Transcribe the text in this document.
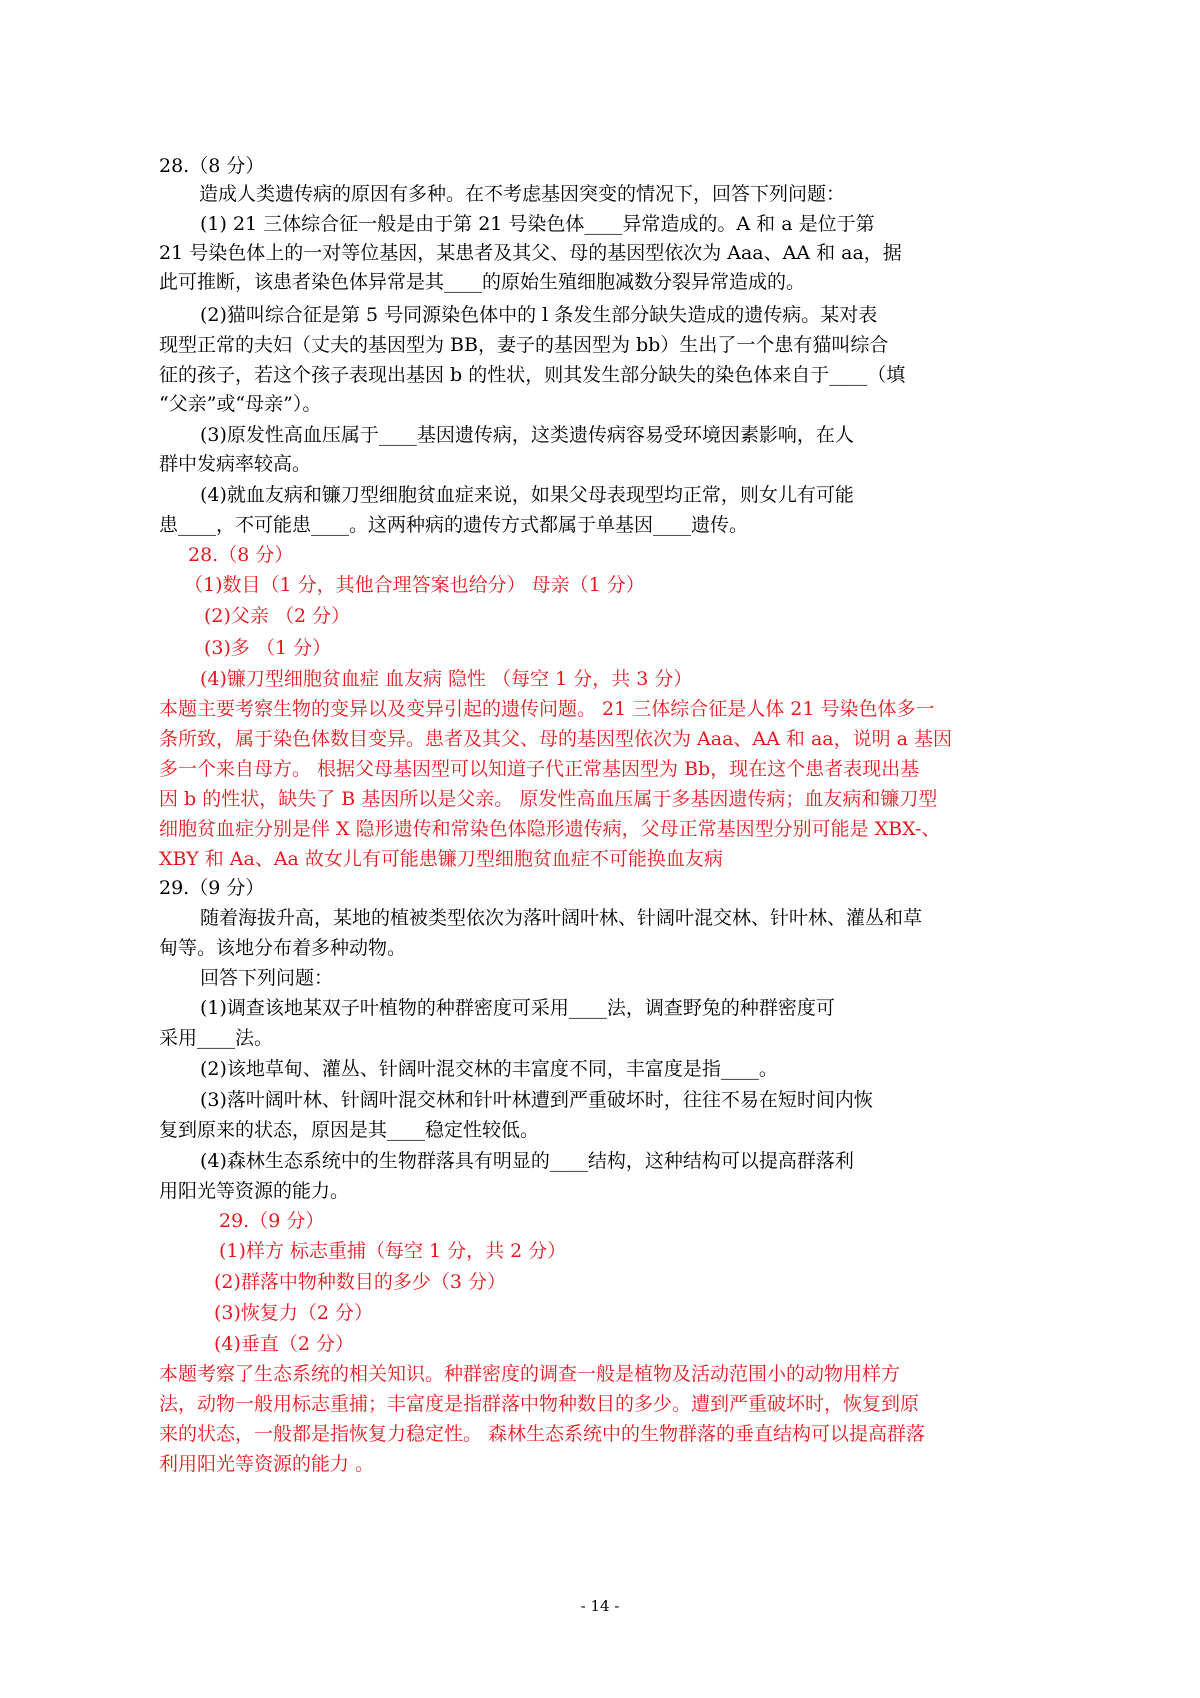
28.（8 分）
造成人类遗传病的原因有多种。在不考虑基因突变的情况下，回答下列问题：
(1) 21 三体综合征一般是由于第 21 号染色体____异常造成的。A 和 a 是位于第
21 号染色体上的一对等位基因，某患者及其父、母的基因型依次为 Aaa、AA 和 aa，据
此可推断，该患者染色体异常是其____的原始生殖细胞减数分裂异常造成的。
(2)猫叫综合征是第 5 号同源染色体中的 l 条发生部分缺失造成的遗传病。某对表
现型正常的夫妇（丈夫的基因型为 BB，妻子的基因型为 bb）生出了一个患有猫叫综合
征的孩子，若这个孩子表现出基因 b 的性状，则其发生部分缺失的染色体来自于____（填
“父亲”或“母亲”）。
(3)原发性高血压属于____基因遗传病，这类遗传病容易受环境因素影响，在人
群中发病率较高。
(4)就血友病和镰刀型细胞贫血症来说，如果父母表现型均正常，则女儿有可能
患____，不可能患____。这两种病的遗传方式都属于单基因____遗传。
28.（8 分）
（1)数目（1 分，其他合理答案也给分） 母亲（1 分）
(2)父亲 （2 分）
(3)多 （1 分）
(4)镰刀型细胞贫血症 血友病 隐性 （每空 1 分，共 3 分）
本题主要考察生物的变异以及变异引起的遗传问题。 21 三体综合征是人体 21 号染色体多一
条所致，属于染色体数目变异。患者及其父、母的基因型依次为 Aaa、AA 和 aa，说明 a 基因
多一个来自母方。 根据父母基因型可以知道子代正常基因型为 Bb，现在这个患者表现出基
因 b 的性状，缺失了 B 基因所以是父亲。 原发性高血压属于多基因遗传病；血友病和镰刀型
细胞贫血症分别是伴 X 隐形遗传和常染色体隐形遗传病，父母正常基因型分别可能是 XBX-、
XBY 和 Aa、Aa 故女儿有可能患镰刀型细胞贫血症不可能换血友病
29.（9 分）
随着海拔升高，某地的植被类型依次为落叶阔叶林、针阔叶混交林、针叶林、灌丛和草
甸等。该地分布着多种动物。
回答下列问题：
(1)调查该地某双子叶植物的种群密度可采用____法，调查野兔的种群密度可
采用____法。
(2)该地草甸、灌丛、针阔叶混交林的丰富度不同，丰富度是指____。
(3)落叶阔叶林、针阔叶混交林和针叶林遭到严重破坏时，往往不易在短时间内恢
复到原来的状态，原因是其____稳定性较低。
(4)森林生态系统中的生物群落具有明显的____结构，这种结构可以提高群落利
用阳光等资源的能力。
29.（9 分）
(1)样方 标志重捕（每空 1 分，共 2 分）
(2)群落中物种数目的多少（3 分）
(3)恢复力（2 分）
(4)垂直（2 分）
本题考察了生态系统的相关知识。种群密度的调查一般是植物及活动范围小的动物用样方
法，动物一般用标志重捕；丰富度是指群落中物种数目的多少。遭到严重破坏时，恢复到原
来的状态，一般都是指恢复力稳定性。 森林生态系统中的生物群落的垂直结构可以提高群落
利用阳光等资源的能力 。
- 14 -
